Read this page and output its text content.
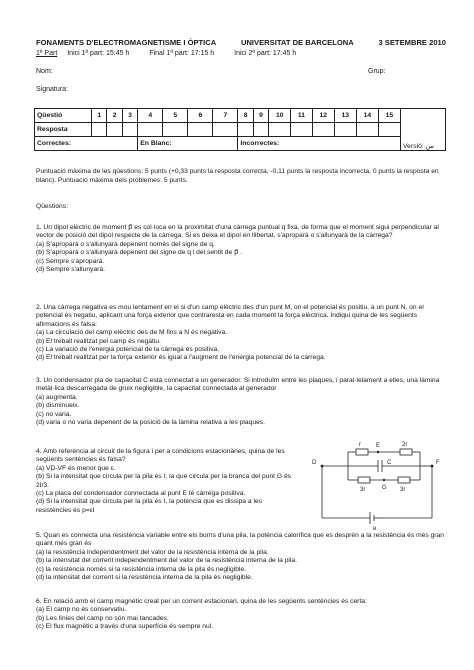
FONAMENTS D'ELECTROMAGNETISME I ÒPTICA	UNIVERSITAT DE BARCELONA	3 SETEMBRE 2010
1ª Part Inici 1ª part: 15:45 h	Final 1ª part: 17:15 h	Inici 2ª part: 17:45 h
Nom:	Grup:
Signatura:
Qüestió	1	2	3	4	5	6	7	8	9	10	11	12	13	14	15	Versió: س
Resposta																
Correctes:				En Blanc:				Incorrectes:								
Puntuació màxima de les qüestions: 5 punts (+0,33 punts la resposta correcta, -0,11 punts la resposta incorrecta, 0 punts la resposta en blanc). Puntuació màxima dels problemes: 5 punts.
Qüestions:
1. Un dipol elèctric de moment p⃗ es col·loca en la proximitat d'una càrrega puntual q fixa, de forma que el moment sigui perpendicular al vector de posició del dipol respecte de la càrrega. Si es deixa el dipol en llibertat, s'apropará o s'allunyarà de la càrrega?
(a) S'apropará o s'allunyarà depenent només del signe de q.
(b) S'apropará o s'allunyarà depenent del signe de q i del sentit de p⃗ .
(c) Sempre s'apropará.
(d) Sempre s'allunyarà.
2. Una càrrega negativa es mou lentament en el si d'un camp elèctric des d'un punt M, on el potencial és positiu, a un punt N, on el potencial és negatiu, aplicant una força exterior que contraresta en cada moment la força elèctrica. Indiqui quina de les següents afirmacions és falsa:
(a) La circulació del camp elèctric des de M fins a N és negativa.
(b) El treball realitzat pel camp és negatiu.
(c) La variació de l'energia potencial de la càrrega és positiva.
(d) El treball realitzat per la força exterior és igual a l'augment de l'energia potencial de la càrrega.
3. Un condensador pla de capacitat C està connectat a un generador. Si introduïm entre les plaques, i paral·lelament a elles, una làmina metàl·lica descarregada de gruix negligible, la capacitat connectada al generador
(a) augmenta.
(b) disminueix.
(c) no varia.
(d) varia o no varia depenent de la posició de la làmina relativa a les plaques.
4. Amb referència al circuit de la figura i per a condicions estacionàries, quina de les següents sentències és falsa?
(a) VD-VF és menor que ε.
(b) Si la intensitat que circula per la pila és I, la que circula per la branca del punt G és 2I/3.
(c) La placa del condensador connectada al punt E té càrrega positiva.
(d) Si la intensitat que circula per la pila és I, la potència que es dissipa a les resistències és p=εI
r	E	2r
D	F
C
3r	G 3r
e
5. Quan es connecta una resistència variable entre els borns d'una pila, la potència calorífica que es desprèn a la resistència és més gran quant més gran és
(a) la resistència independentment del valor de la resistència interna de la pila.
(b) la intensitat del corrent independentment del valor de la resistència interna de la pila.
(c) la resistència només si la resistència interna de la pila és negligible.
(d) la intensitat del corrent si la resistència interna de la pila és negligible.
6. En relació amb el camp magnètic creat per un corrent estacionari, quina de les següents sentències és certa:
(a) El camp no és conservatiu.
(b) Les línies del camp no són mai tancades.
(c) El flux magnètic a través d'una superfície és sempre nul.
